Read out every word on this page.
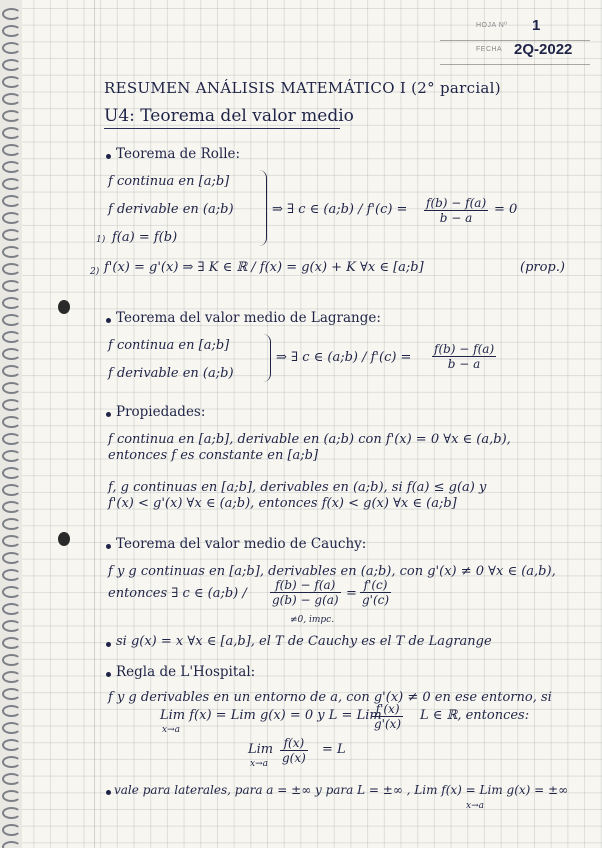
HOJA Nº 1
FECHA 2Q-2022
RESUMEN ANÁLISIS MATEMÁTICO I (2° parcial)
U4: Teorema del valor medio
Teorema de Rolle:
f continua en [a;b]
f derivable en (a;b)
1) f(a) = f(b)
⇒ ∃ c ∈ (a;b) / $f'(c) = \frac{f(b) - f(a)}{b - a} = 0$
2) f'(x) = g'(x) ⇒ ∃ K ∈ ℝ / f(x) = g(x) + K ∀x ∈ [a;b]	(prop.)
Teorema del valor medio de Lagrange:
f continua en [a;b]
f derivable en (a;b)
⇒ ∃ c ∈ (a;b) / $f'(c) = \frac{f(b) - f(a)}{b - a}$
Propiedades:
f continua en [a;b], derivable en (a;b) con f'(x) = 0 ∀x ∈ (a,b),
entonces f es constante en [a;b]
f, g continuas en [a;b], derivables en (a;b), si f(a) ≤ g(a) y
f'(x) < g'(x) ∀x ∈ (a;b), entonces f(x) < g(x) ∀x ∈ (a;b]
Teorema del valor medio de Cauchy:
f y g continuas en [a;b], derivables en (a;b), con g'(x) ≠ 0 ∀x ∈ (a,b),
entonces ∃ c ∈ (a;b) / $\frac{f(b) - f(a)}{g(b) - g(a)} = \frac{f'(c)}{g'(c)}$
≠0, impc.
si g(x) = x ∀x ∈ [a,b], el T de Cauchy es el T de Lagrange
Regla de L'Hospital:
f y g derivables en un entorno de a, con g'(x) ≠ 0 en ese entorno, si
Lim f(x) = Lim g(x) = 0 y L = Lim
x→a	$\frac{f'(x)}{g'(x)}$ L ∈ ℝ, entonces:
Lim
$x\to a \frac{f(x)}{g(x)} = L$
vale para laterales, para a = ±∞ y para L = ±∞ , Lim f(x) = Lim g(x) = ±∞
x→a
